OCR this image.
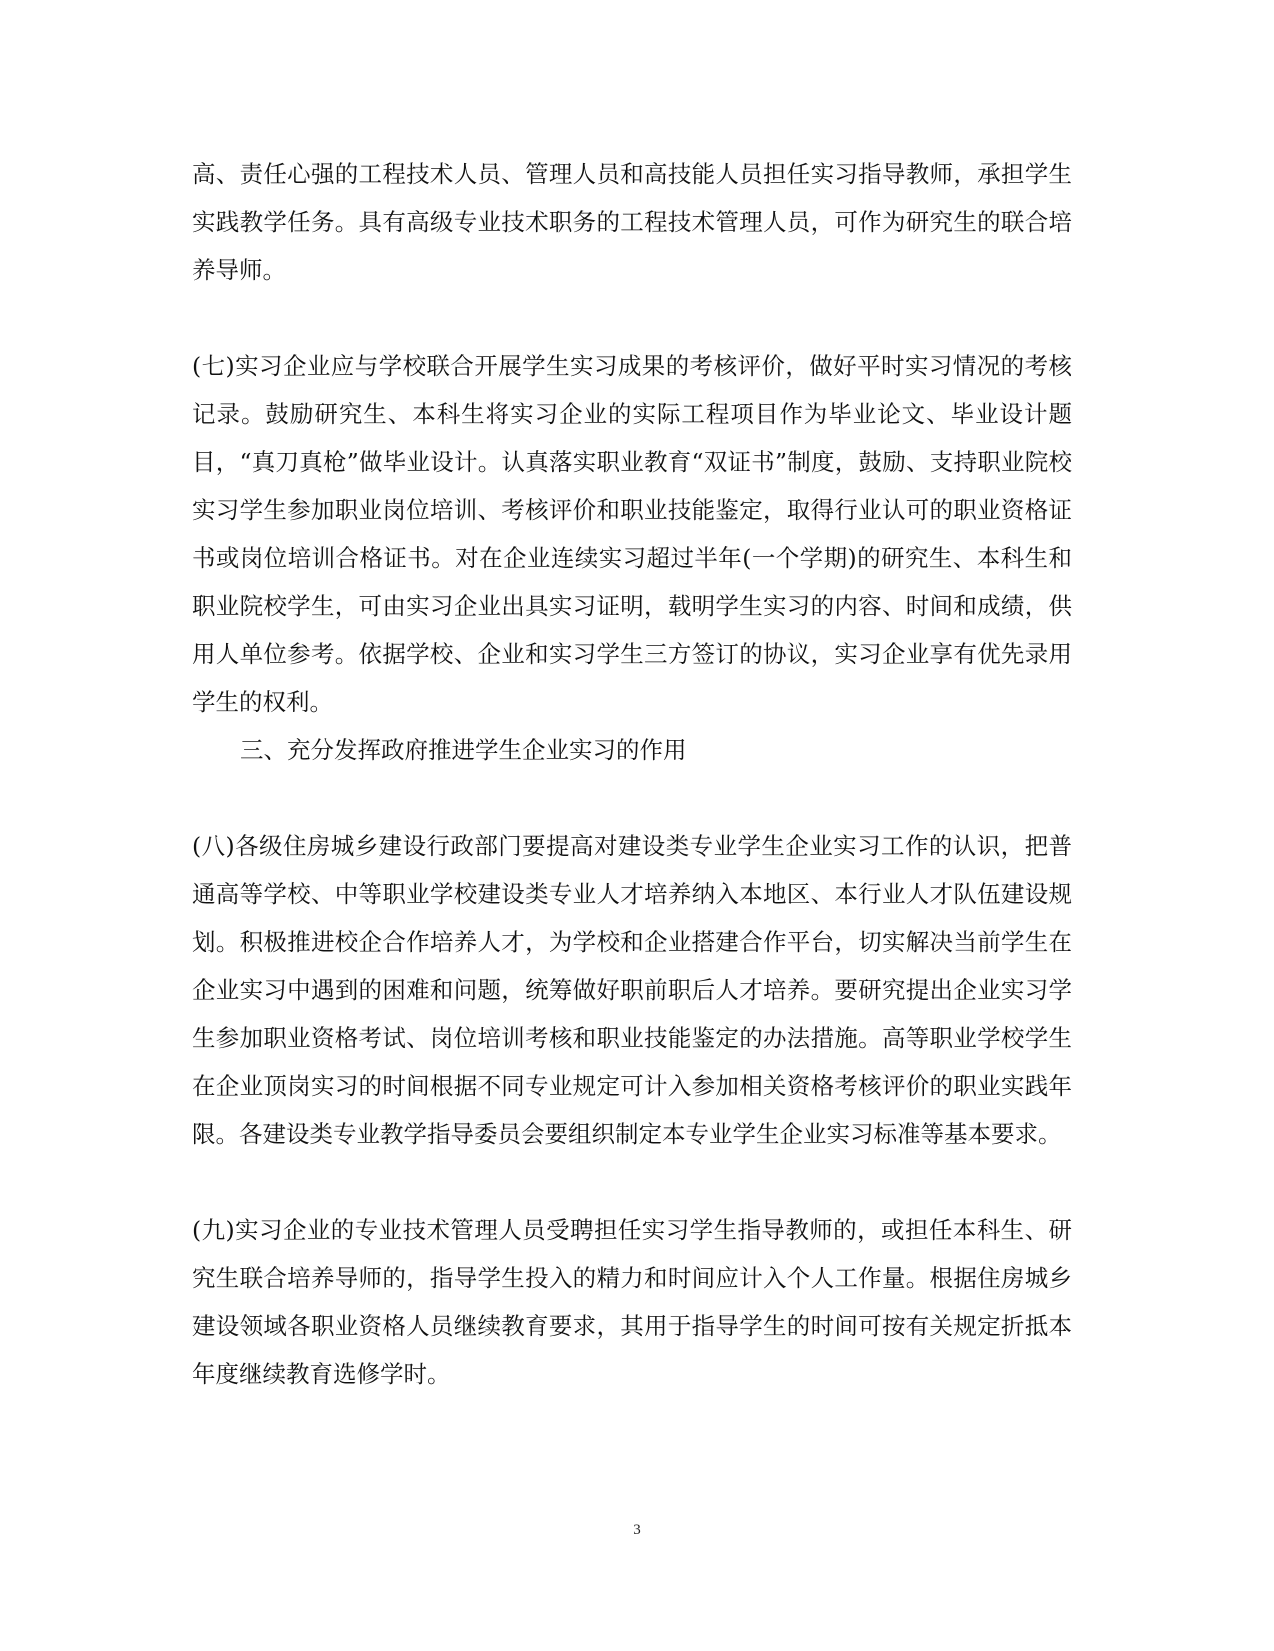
高、责任心强的工程技术人员、管理人员和高技能人员担任实习指导教师，承担学生实践教学任务。具有高级专业技术职务的工程技术管理人员，可作为研究生的联合培养导师。

(七)实习企业应与学校联合开展学生实习成果的考核评价，做好平时实习情况的考核记录。鼓励研究生、本科生将实习企业的实际工程项目作为毕业论文、毕业设计题目，“真刀真枪”做毕业设计。认真落实职业教育“双证书”制度，鼓励、支持职业院校实习学生参加职业岗位培训、考核评价和职业技能鉴定，取得行业认可的职业资格证书或岗位培训合格证书。对在企业连续实习超过半年(一个学期)的研究生、本科生和职业院校学生，可由实习企业出具实习证明，载明学生实习的内容、时间和成绩，供用人单位参考。依据学校、企业和实习学生三方签订的协议，实习企业享有优先录用学生的权利。

三、充分发挥政府推进学生企业实习的作用

(八)各级住房城乡建设行政部门要提高对建设类专业学生企业实习工作的认识，把普通高等学校、中等职业学校建设类专业人才培养纳入本地区、本行业人才队伍建设规划。积极推进校企合作培养人才，为学校和企业搭建合作平台，切实解决当前学生在企业实习中遇到的困难和问题，统筹做好职前职后人才培养。要研究提出企业实习学生参加职业资格考试、岗位培训考核和职业技能鉴定的办法措施。高等职业学校学生在企业顶岗实习的时间根据不同专业规定可计入参加相关资格考核评价的职业实践年限。各建设类专业教学指导委员会要组织制定本专业学生企业实习标准等基本要求。

(九)实习企业的专业技术管理人员受聘担任实习学生指导教师的，或担任本科生、研究生联合培养导师的，指导学生投入的精力和时间应计入个人工作量。根据住房城乡建设领域各职业资格人员继续教育要求，其用于指导学生的时间可按有关规定折抵本年度继续教育选修学时。

3
